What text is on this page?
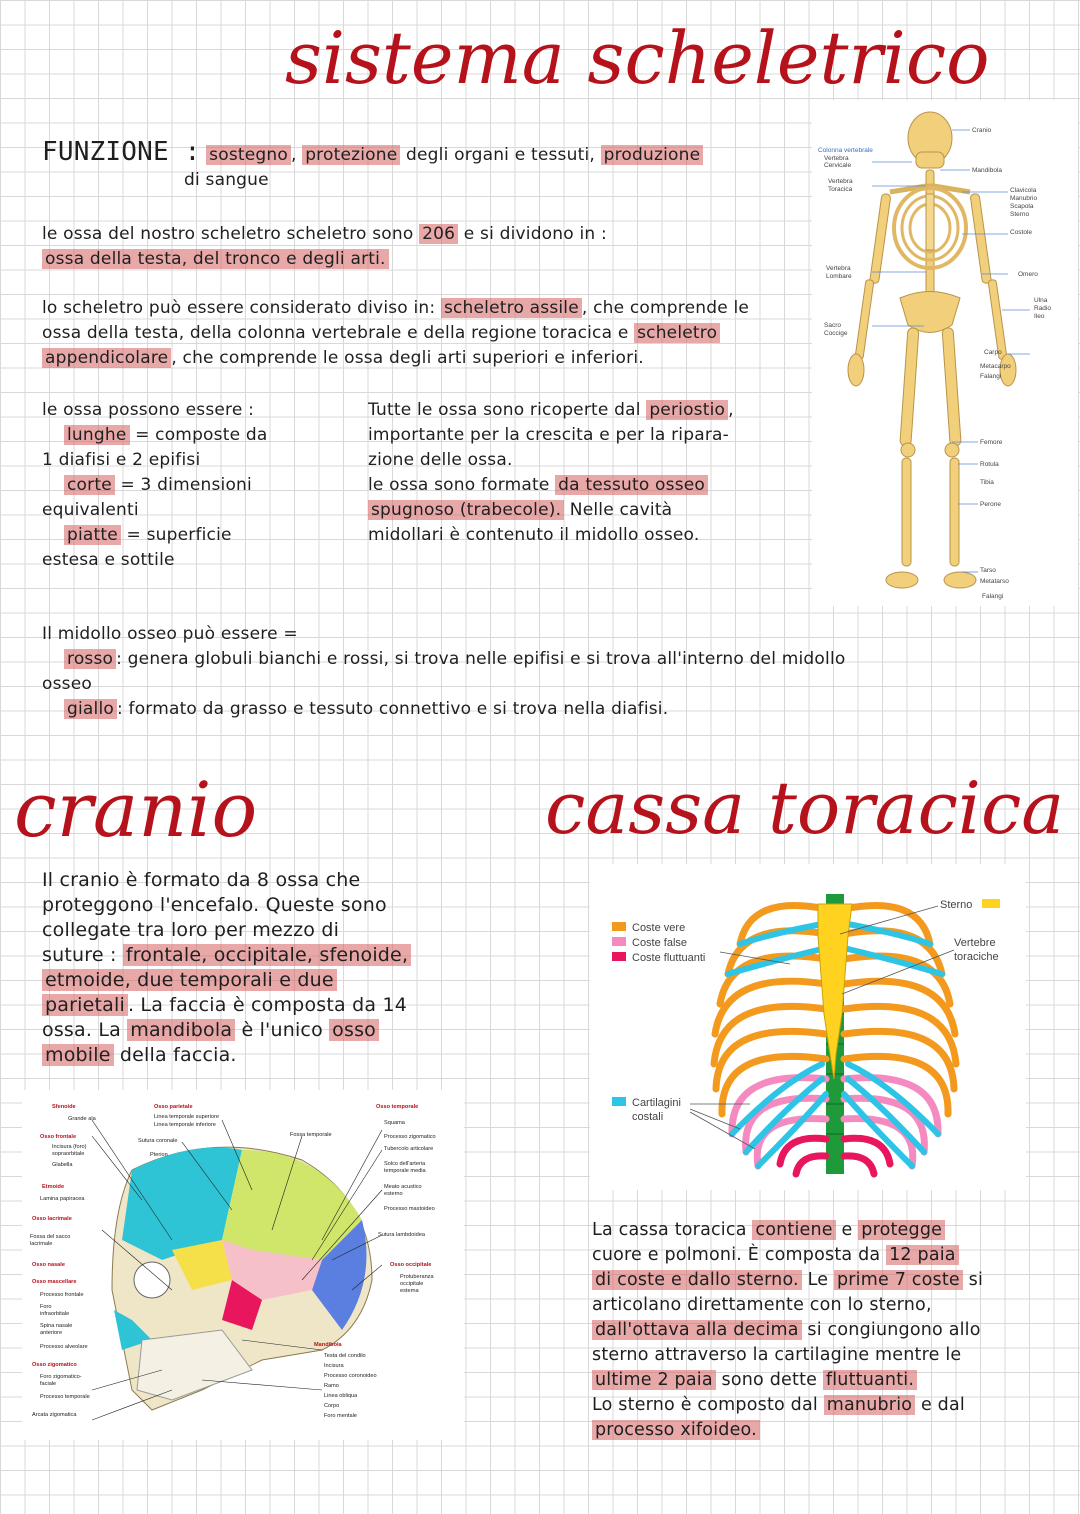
sistema scheletrico
FUNZIONE : sostegno , protezione degli organi e tessuti, produzione
di sangue
le ossa del nostro scheletro scheletro sono 206 e si dividono in :
ossa della testa, del tronco e degli arti.
lo scheletro può essere considerato diviso in: scheletro assile , che comprende le
ossa della testa, della colonna vertebrale e della regione toracica e scheletro
appendicolare , che comprende le ossa degli arti superiori e inferiori.
le ossa possono essere :
lunghe = composte da
1 diafisi e 2 epifisi
corte = 3 dimensioni
equivalenti
piatte = superficie
estesa e sottile
Tutte le ossa sono ricoperte dal periostio ,
importante per la crescita e per la ripara-
zione delle ossa.
le ossa sono formate da tessuto osseo
spugnoso (trabecole). Nelle cavità
midollari è contenuto il midollo osseo.
Colonna vertebrale
Vertebra
Cervicale
Vertebra
Toracica
Vertebra
Lombare
Sacro
Coccige
Cranio
Mandibola
Clavicola
Manubrio
Scapola
Sterno
Costole
Omero
Ulna
Radio
Ileo
Carpo
Metacarpo
Falangi
Femore
Rotula
Tibia
Perone
Tarso
Metatarso
Falangi
Il midollo osseo può essere =
rosso : genera globuli bianchi e rossi, si trova nelle epifisi e si trova all'interno del midollo
osseo
giallo : formato da grasso e tessuto connettivo e si trova nella diafisi.
cranio	cassa toracica
Il cranio è formato da 8 ossa che
proteggono l'encefalo. Queste sono
collegate tra loro per mezzo di
suture : frontale, occipitale, sfenoide,
etmoide, due temporali e due
parietali . La faccia è composta da 14
ossa. La mandibola è l'unico osso
mobile della faccia.
Sfenoide
Grande ala
Osso frontale
Incisura (foro)
sopraorbitale
Glabella
Etmoide
Lamina papiracea
Osso lacrimale
Fossa del sacco
lacrimale
Osso nasale
Osso mascellare
Processo frontale
Foro
infraorbitale
Spina nasale
anteriore
Processo alveolare
Osso zigomatico
Foro zigomatico-
faciale
Processo temporale
Arcata zigomatica
Osso parietale
Linea temporale superiore
Linea temporale inferiore
Sutura coronale
Pterion
Fossa temporale
Osso temporale
Squama
Processo zigomatico
Tubercolo articolare
Solco dell'arteria
temporale media
Meato acustico
esterno
Processo mastoideo
Sutura lambdoidea
Osso occipitale
Protuberanza
occipitale
esterna
Mandibola
Testa del condilo
Incisura
Processo coronoideo
Ramo
Linea obliqua
Corpo
Foro mentale
Coste vere
Coste false
Coste fluttuanti
Cartilagini
costali
Sterno
Vertebre
toraciche
La cassa toracica contiene e protegge
cuore e polmoni. È composta da 12 paia
di coste e dallo sterno. Le prime 7 coste si
articolano direttamente con lo sterno,
dall'ottava alla decima si congiungono allo
sterno attraverso la cartilagine mentre le
ultime 2 paia sono dette fluttuanti.
Lo sterno è composto dal manubrio e dal
processo xifoideo.
